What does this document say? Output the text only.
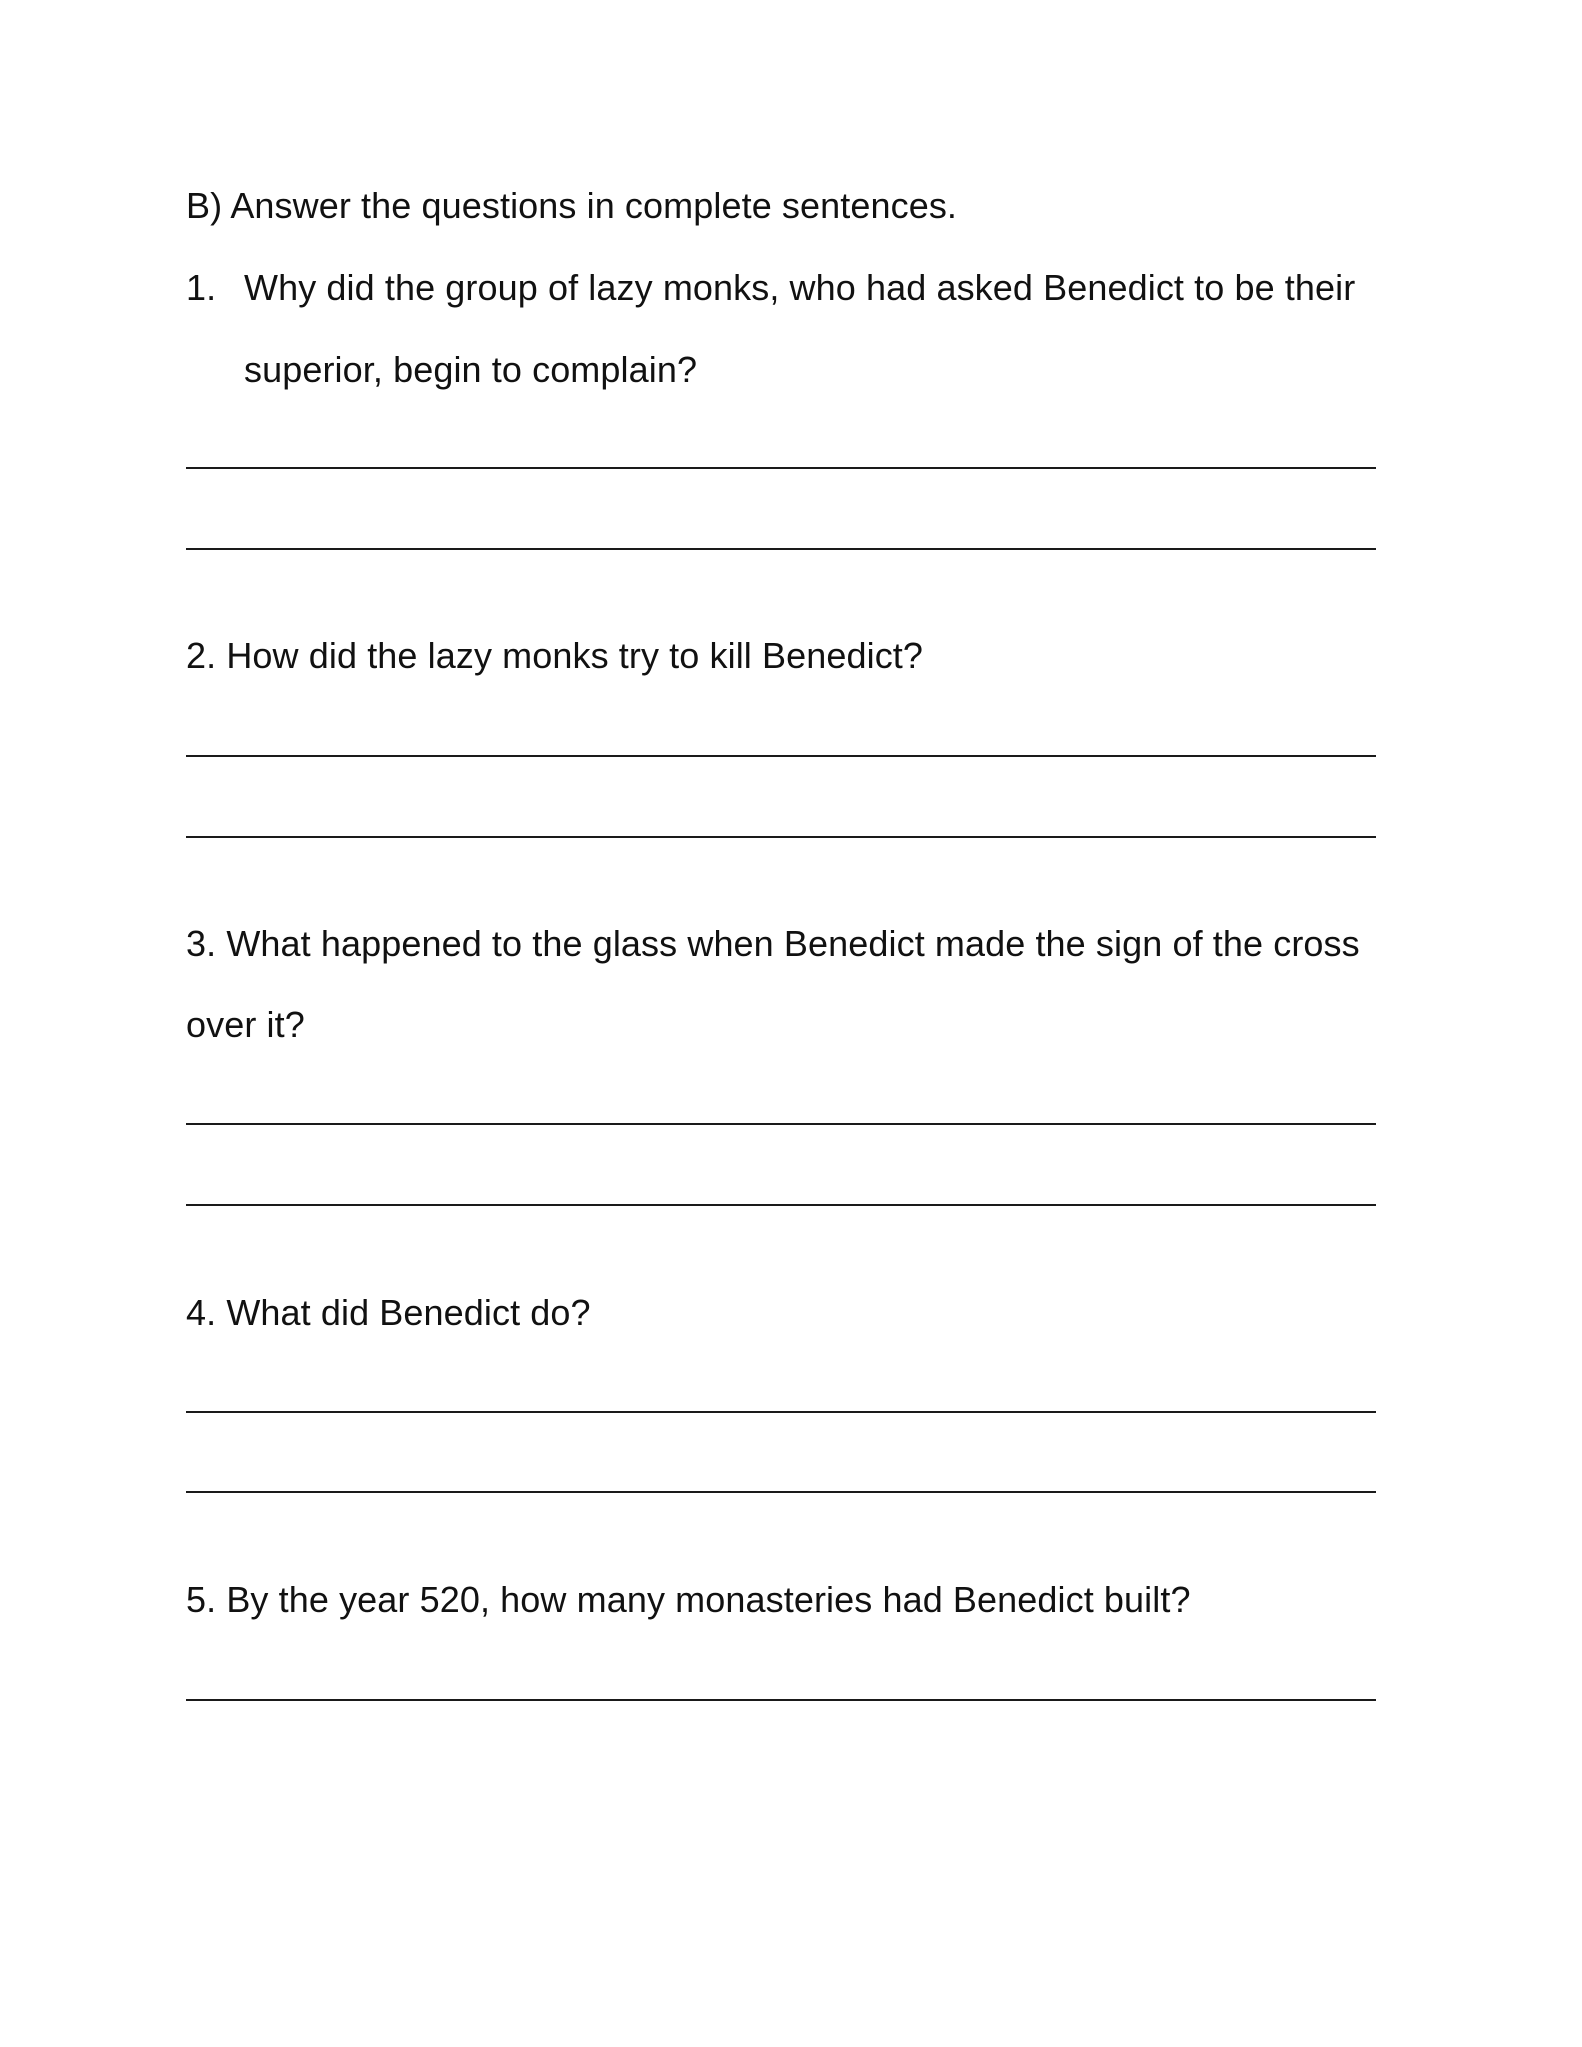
B) Answer the questions in complete sentences.
1. Why did the group of lazy monks, who had asked Benedict to be their
superior, begin to complain?
2. How did the lazy monks try to kill Benedict?
3. What happened to the glass when Benedict made the sign of the cross
over it?
4. What did Benedict do?
5. By the year 520, how many monasteries had Benedict built?
